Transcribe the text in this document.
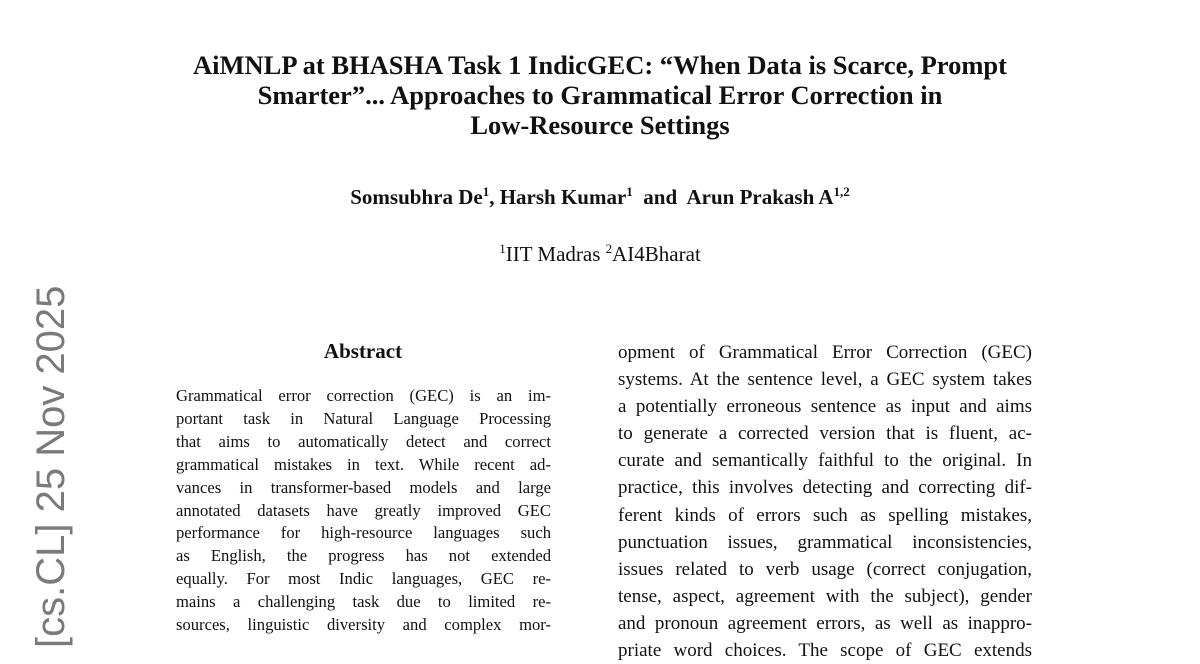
AiMNLP at BHASHA Task 1 IndicGEC: “When Data is Scarce, Prompt
Smarter”... Approaches to Grammatical Error Correction in
Low-Resource Settings
Somsubhra De$^1$, Harsh Kumar$^1$ and Arun Prakash A$^{1,2}$
$^1$IIT Madras $^2$AI4Bharat
Abstract
Grammatical error correction (GEC) is an im-
portant task in Natural Language Processing
that aims to automatically detect and correct
grammatical mistakes in text. While recent ad-
vances in transformer-based models and large
annotated datasets have greatly improved GEC
performance for high-resource languages such
as English, the progress has not extended
equally. For most Indic languages, GEC re-
mains a challenging task due to limited re-
sources, linguistic diversity and complex mor-
opment of Grammatical Error Correction (GEC)
systems. At the sentence level, a GEC system takes
a potentially erroneous sentence as input and aims
to generate a corrected version that is fluent, ac-
curate and semantically faithful to the original. In
practice, this involves detecting and correcting dif-
ferent kinds of errors such as spelling mistakes,
punctuation issues, grammatical inconsistencies,
issues related to verb usage (correct conjugation,
tense, aspect, agreement with the subject), gender
and pronoun agreement errors, as well as inappro-
priate word choices. The scope of GEC extends
[cs.CL] 25 Nov 2025
